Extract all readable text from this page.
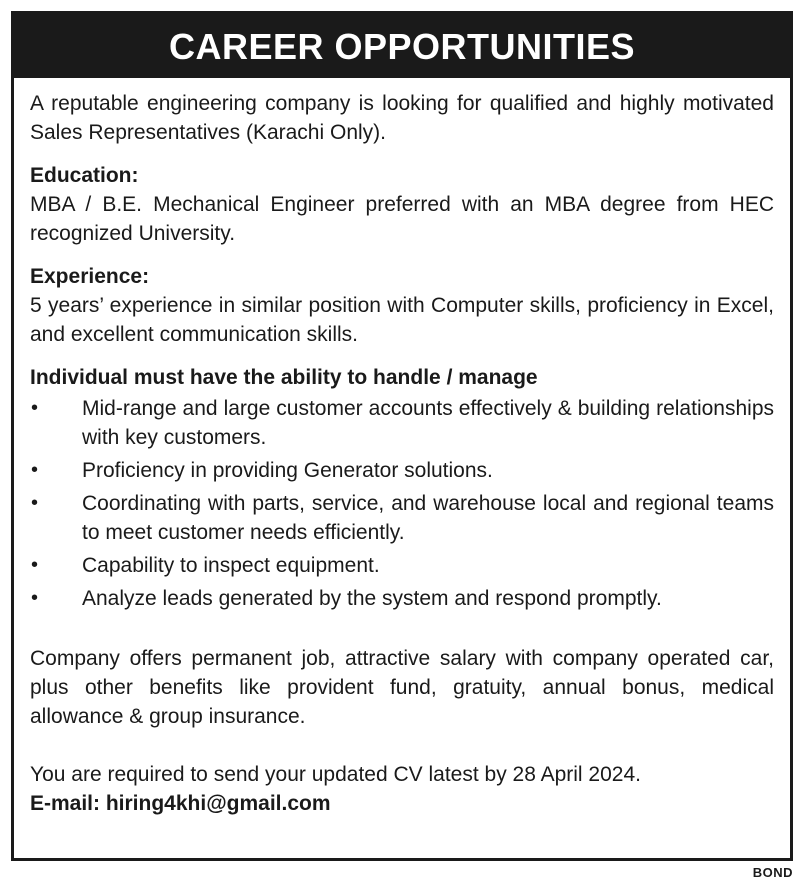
CAREER OPPORTUNITIES

A reputable engineering company is looking for qualified and highly motivated Sales Representatives (Karachi Only).

Education:

MBA / B.E. Mechanical Engineer preferred with an MBA degree from HEC recognized University.

Experience:

5 years’ experience in similar position with Computer skills, proficiency in Excel, and excellent communication skills.

Individual must have the ability to handle / manage

• Mid-range and large customer accounts effectively & building relationships with key customers.
• Proficiency in providing Generator solutions.
• Coordinating with parts, service, and warehouse local and regional teams to meet customer needs efficiently.
• Capability to inspect equipment.
• Analyze leads generated by the system and respond promptly.

Company offers permanent job, attractive salary with company operated car, plus other benefits like provident fund, gratuity, annual bonus, medical allowance & group insurance.

You are required to send your updated CV latest by 28 April 2024.

E-mail: hiring4khi@gmail.com

BOND
